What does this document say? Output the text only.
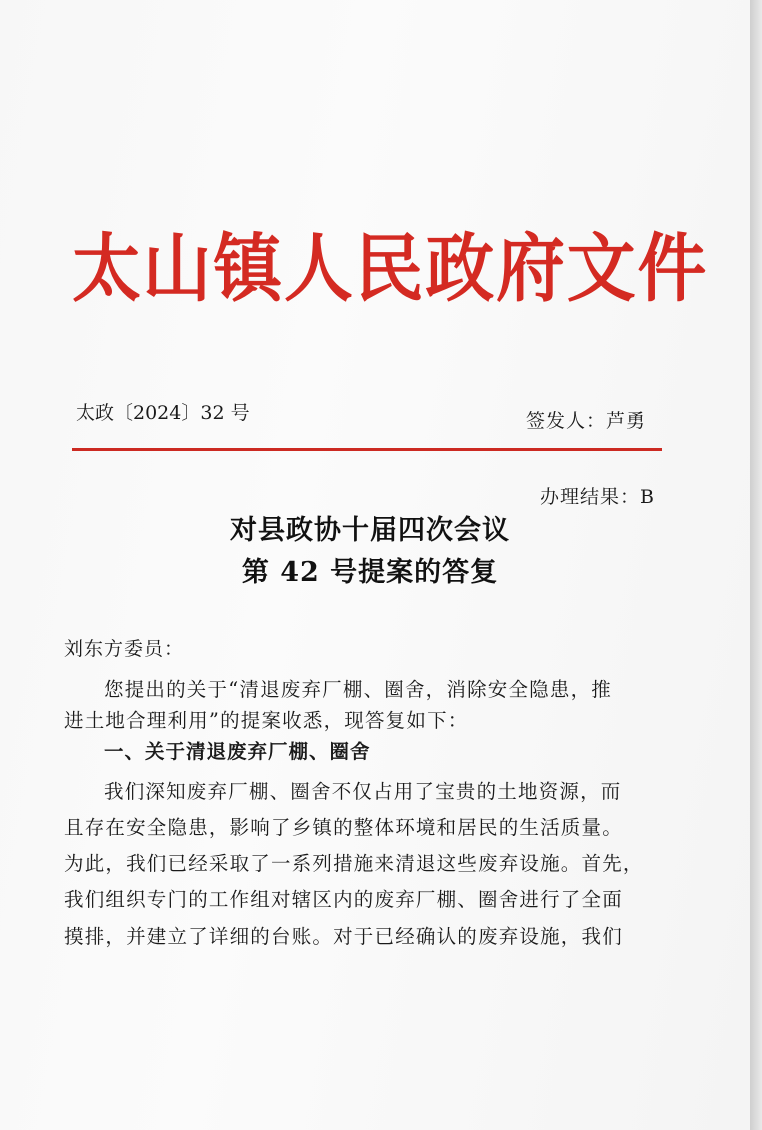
太山镇人民政府文件
太政〔2024〕32 号	签发人：芦勇
办理结果：B
对县政协十届四次会议
第 42 号提案的答复
刘东方委员：
您提出的关于“清退废弃厂棚、圈舍，消除安全隐患，推
进土地合理利用”的提案收悉，现答复如下：
一、关于清退废弃厂棚、圈舍
我们深知废弃厂棚、圈舍不仅占用了宝贵的土地资源，而
且存在安全隐患，影响了乡镇的整体环境和居民的生活质量。
为此，我们已经采取了一系列措施来清退这些废弃设施。首先，
我们组织专门的工作组对辖区内的废弃厂棚、圈舍进行了全面
摸排，并建立了详细的台账。对于已经确认的废弃设施，我们
